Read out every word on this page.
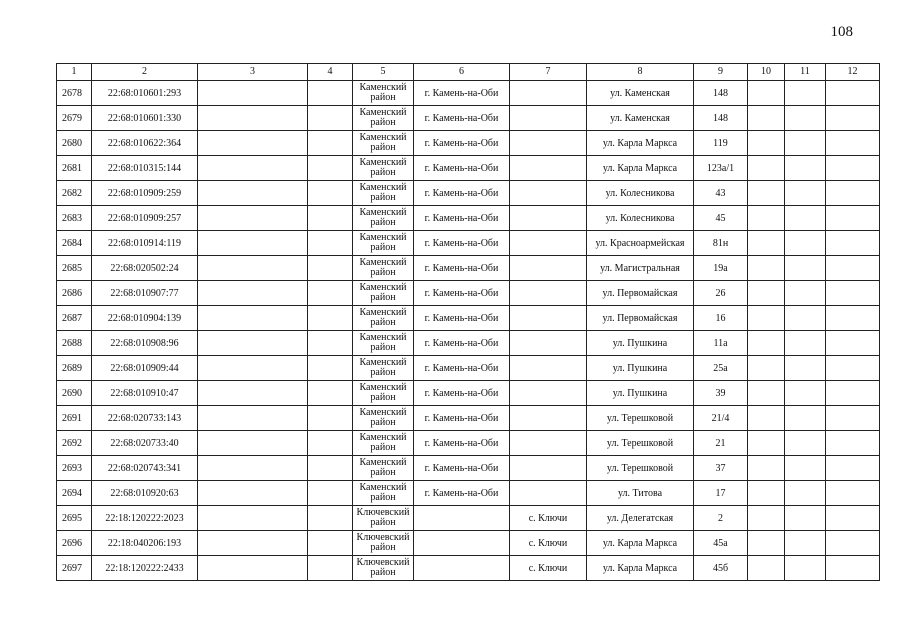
108
1	2	3	4	5	6	7	8	9	10	11	12
2678	22:68:010601:293			Каменский район	г. Камень-на-Оби		ул. Каменская	148			
2679	22:68:010601:330			Каменский район	г. Камень-на-Оби		ул. Каменская	148			
2680	22:68:010622:364			Каменский район	г. Камень-на-Оби		ул. Карла Маркса	119			
2681	22:68:010315:144			Каменский район	г. Камень-на-Оби		ул. Карла Маркса	123а/1			
2682	22:68:010909:259			Каменский район	г. Камень-на-Оби		ул. Колесникова	43			
2683	22:68:010909:257			Каменский район	г. Камень-на-Оби		ул. Колесникова	45			
2684	22:68:010914:119			Каменский район	г. Камень-на-Оби		ул. Красноармейская	81н			
2685	22:68:020502:24			Каменский район	г. Камень-на-Оби		ул. Магистральная	19а			
2686	22:68:010907:77			Каменский район	г. Камень-на-Оби		ул. Первомайская	26			
2687	22:68:010904:139			Каменский район	г. Камень-на-Оби		ул. Первомайская	16			
2688	22:68:010908:96			Каменский район	г. Камень-на-Оби		ул. Пушкина	11а			
2689	22:68:010909:44			Каменский район	г. Камень-на-Оби		ул. Пушкина	25а			
2690	22:68:010910:47			Каменский район	г. Камень-на-Оби		ул. Пушкина	39			
2691	22:68:020733:143			Каменский район	г. Камень-на-Оби		ул. Терешковой	21/4			
2692	22:68:020733:40			Каменский район	г. Камень-на-Оби		ул. Терешковой	21			
2693	22:68:020743:341			Каменский район	г. Камень-на-Оби		ул. Терешковой	37			
2694	22:68:010920:63			Каменский район	г. Камень-на-Оби		ул. Титова	17			
2695	22:18:120222:2023			Ключевский район		с. Ключи	ул. Делегатская	2			
2696	22:18:040206:193			Ключевский район		с. Ключи	ул. Карла Маркса	45а			
2697	22:18:120222:2433			Ключевский район		с. Ключи	ул. Карла Маркса	45б			
